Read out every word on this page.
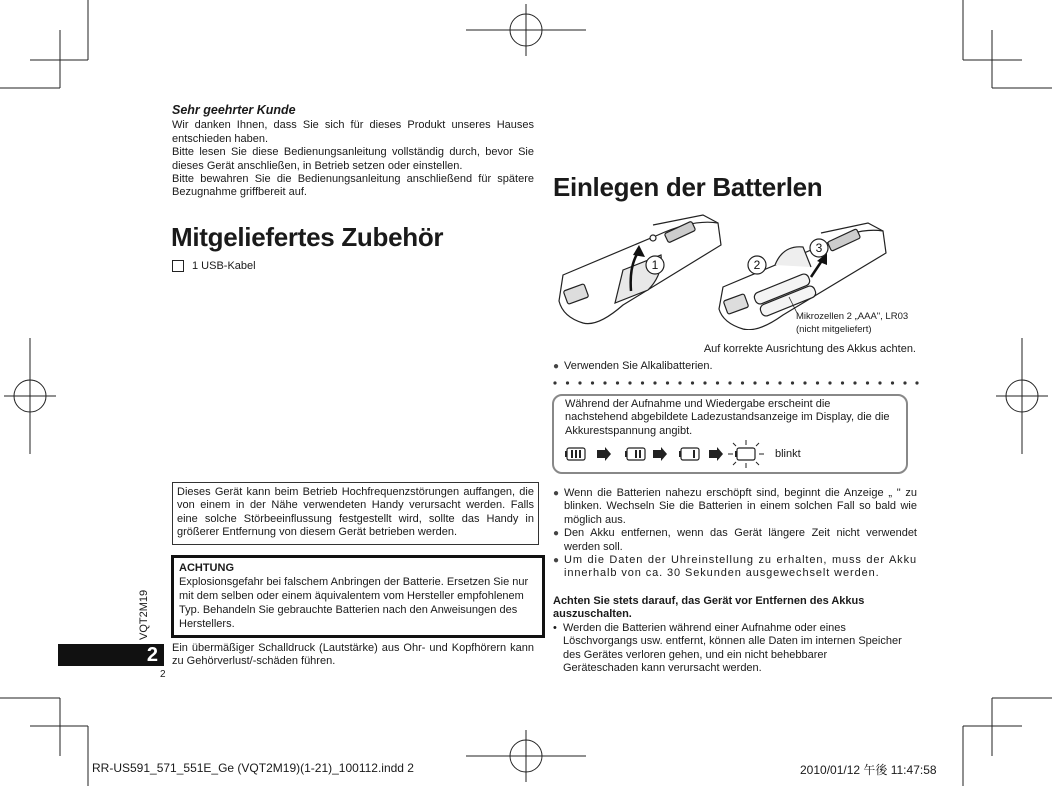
Sehr geehrter Kunde

Wir danken Ihnen, dass Sie sich für dieses Produkt unseres Hauses entschieden haben.

Bitte lesen Sie diese Bedienungsanleitung vollständig durch, bevor Sie dieses Gerät anschließen, in Betrieb setzen oder einstellen.

Bitte bewahren Sie die Bedienungsanleitung anschließend für spätere Bezugnahme griffbereit auf.

Mitgeliefertes Zubehör
1 USB-Kabel
Dieses Gerät kann beim Betrieb Hochfrequenzstörungen auffangen, die von einem in der Nähe verwendeten Handy verursacht werden. Falls eine solche Störbeeinflussung festgestellt wird, sollte das Handy in größerer Entfernung von diesem Gerät betrieben werden.
ACHTUNG
Explosionsgefahr bei falschem Anbringen der Batterie. Ersetzen Sie nur mit dem selben oder einem äquivalentem vom Hersteller empfohlenem Typ. Behandeln Sie gebrauchte Batterien nach den Anweisungen des Herstellers.
Ein übermäßiger Schalldruck (Lautstärke) aus Ohr- und Kopfhörern kann zu Gehörverlust/-schäden führen.
VQT2M19
2
2
Einlegen der Batterlen
1	2
3
Mikrozellen 2 „AAA", LR03
(nicht mitgeliefert)
Auf korrekte Ausrichtung des Akkus achten.
● Verwenden Sie Alkalibatterien.
Während der Aufnahme und Wiedergabe erscheint die nachstehend abgebildete Ladezustandsanzeige im Display, die die Akkurestspannung angibt.
blinkt
● Wenn die Batterien nahezu erschöpft sind, beginnt die Anzeige „ " zu blinken. Wechseln Sie die Batterien in einem solchen Fall so bald wie möglich aus.
● Den Akku entfernen, wenn das Gerät längere Zeit nicht verwendet werden soll.
● Um die Daten der Uhreinstellung zu erhalten, muss der Akku innerhalb von ca. 30 Sekunden ausgewechselt werden.
Achten Sie stets darauf, das Gerät vor Entfernen des Akkus auszuschalten.
• Werden die Batterien während einer Aufnahme oder eines Löschvorgangs usw. entfernt, können alle Daten im internen Speicher des Gerätes verloren gehen, und ein nicht behebbarer Geräteschaden kann verursacht werden.
RR-US591_571_551E_Ge (VQT2M19)(1-21)_100112.indd 2	2010/01/12 午後 11:47:58
